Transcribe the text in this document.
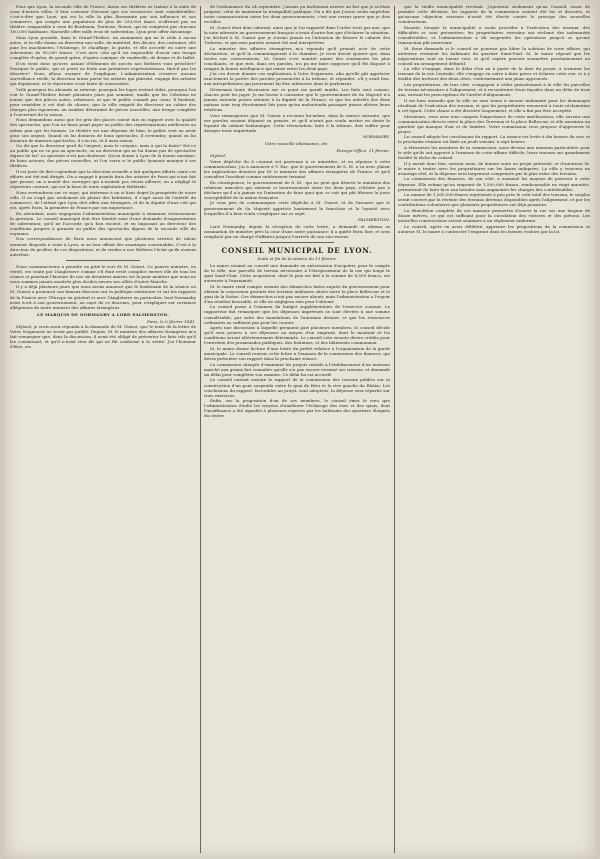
Pour que Lyon, la seconde ville de France, laisse ses théâtres se traîner à la suite de ceux d'autres villes, il faut convenir d'avouer que ses ressources sont considérables; c'est-à-dire que Lyon, qui est la ville la plus florissante par son influence et son commerce, qui compte une population de plus de 250,000 âmes, n'offrirait pas un théâtre comparable à ceux de Bordeaux, Toulouse, Rouen, qui ne comptent pas chacune 100,000 habitants. Marseille offre mille écus de subvention; Lyon peut offrir davantage.

Mais Lyon possède, dans le Grand-Théâtre, un monument qui ne le cède à aucun autre, et la ville donne au directeur une salle, du matériel, des décors, des costumes; elle paie les machinistes, l'éclairage, le chauffage, la garde, et elle accorde en outre une subvention de 90,000 francs. C'est avec cela qu'il est impossible d'avoir une troupe complète d'opéra, de grand opéra, d'opéra comique, de vaudeville, de drame et de ballet.

D'où vient donc qu'avec autant d'éléments de succès nos théâtres vont péricliter? Pourquoi le public, qui se porte en foule aux premières représentations, finit-il par les déserter? Nous allons essayer de l'expliquer. L'administration n'exerce aucune surveillance réelle; la direction laisse partir les artistes qui plaisent, engage des artistes qui déplaisent, et le répertoire s'use faute de nouveautés.

Voilà pourquoi les abonnés se retirent, pourquoi les loges restent vides, pourquoi l'on voit le Grand-Théâtre fermé plusieurs jours par semaine, tandis que les Célestins ne jouent que des pièces usées, rebattues, et que le public connaît par cœur. Il faudrait, pour remédier à cet état de choses, que la ville exigeât du directeur un cahier des charges plus rigoureux, un nombre déterminé de pièces nouvelles, une troupe complète à l'ouverture de la saison.

Nous demandons aussi que les prix des places soient mis en rapport avec la qualité des spectacles, que l'on ne fasse point payer au public des représentations médiocres au même prix que les bonnes. Le théâtre est une dépense de luxe; le public veut en avoir pour son argent. Quand on lui donnera de bons spectacles, il reviendra; quand on lui donnera de mauvais spectacles, il s'en ira, et il aura raison.

On dit que le directeur perd de l'argent; nous le croyons, mais à qui la faute? Est-ce au public qui ne va pas au spectacle, ou au directeur qui ne lui donne pas de spectacles dignes de lui? La question n'est pas douteuse. Qu'on donne à Lyon de la bonne musique, de bons acteurs, des pièces nouvelles, et l'on verra si le public lyonnais manque à ses théâtres.

Il est juste de dire cependant que la direction actuelle a fait quelques efforts; mais ces efforts ont été mal dirigés. On a engagé à grands frais des artistes de Paris qui n'ont fait que passer; on a monté des ouvrages qui n'avaient pas réussi ailleurs; on a négligé le répertoire courant, qui est la base de toute exploitation théâtrale.

Nous reviendrons sur ce sujet, qui intéresse à un si haut degré la prospérité de notre ville. Il ne s'agit pas seulement du plaisir des habitants; il s'agit aussi de l'intérêt du commerce, de l'attrait que Lyon doit offrir aux étrangers, et de la dignité d'une cité qui est, après Paris, la première de France par son importance.

En attendant, nous engageons l'administration municipale à examiner sérieusement la question. Le conseil municipal doit être bientôt saisi d'une demande d'augmentation de subvention; qu'il ne l'accorde qu'à bon escient, et en imposant au directeur des conditions propres à garantir au public des spectacles dignes de la seconde ville du royaume.

Nos correspondances de Paris nous annoncent que plusieurs artistes de talent seraient disposés à venir à Lyon, si on leur offrait des avantages convenables. C'est à la direction de profiter de ces dispositions, et de rendre à nos théâtres l'éclat qu'ils avaient autrefois.

Nous commencerons à prendre en pitié le sort de M. Guizot. Ce pauvre ministre, en vérité, est traité par l'Angleterre comme s'il était resté complice envers elle de tous les crimes et pourtant l'histoire de nos six dernières années est là pour montrer que nous ne nous sommes jamais montrés plus dociles envers nos alliés d'outre-Manche.

Il y a déjà plusieurs jours que nous avons annoncé que le lendemain de la séance où M. Guizot a prononcé son fameux discours sur la politique extérieure et sur les rapports de la France avec l'Europe en général et avec l'Angleterre en particulier, lord Normanby avait écrit à son gouvernement, au sujet de ce discours, pour s'expliquer sur certaines allégations de notre ministre des affaires étrangères.

LE MARQUIS DE NORMANBY A LORD PALMERSTON.
Paris, le 6 février 1841.

Mylord, je crois avoir répondu à la demande de M. Guizot, que le texte de la lettre de Votre Seigneurie ne serait pas publié. Depuis, M. le ministre des affaires étrangères m'a fait remarquer que, dans la discussion, il avait été obligé de présenter les faits tels qu'il les connaissait, et qu'il n'avait rien dit qui ne fût conforme à la vérité. J'ai l'honneur d'être, etc.

de l'ordonnance du 24 septembre, j'aurais pu facilement arriver au but que je m'étais proposé, celui de maintenir la tranquillité publique. On a dit que j'avais voulu empêcher toute communication entre les deux gouvernements; c'est une erreur grave que je dois rectifier.

M. Guizot était donc informé, ainsi que je l'ai rapporté dans l'ordre écrit par moi, que la note adressée au gouvernement français n'avait d'autre but que d'éclairer la situation. J'ai déclaré à M. Guizot que je n'avais jamais eu l'intention de blesser le cabinet des Tuileries, et que mes paroles avaient été mal interprétées.

Le ministre des affaires étrangères m'a répondu qu'il prenait acte de cette déclaration, et qu'il la communiquerait à la chambre. Je crois devoir ajouter que, dans toutes nos conversations, M. Guizot s'est montré animé des sentiments les plus conciliants, et que rien, dans ses paroles, n'a pu me faire supposer qu'il fût disposé à rompre la bonne intelligence qui existe entre les deux pays.

J'ai cru devoir donner ces explications à Votre Seigneurie, afin qu'elle pût apprécier exactement la portée des paroles prononcées à la tribune, et répondre, s'il y avait lieu, aux interpellations qui pourraient lui être adressées dans le parlement.

Désormais toute discussion sur ce point me paraît inutile. Les faits sont connus; chacun peut les juger. Je me borne à constater que le gouvernement de Sa Majesté n'a jamais entendu porter atteinte à la dignité de la France, et que les intérêts des deux nations sont trop étroitement liés pour qu'un malentendu passager puisse altérer leurs relations.

Vous remarquerez que M. Guizot a reconnu lui-même, dans la séance suivante, que ses paroles avaient dépassé sa pensée, et qu'il n'avait pas voulu mettre en doute la loyauté du cabinet britannique. Cette rétractation, faite à la tribune, doit suffire pour dissiper toute inquiétude.

NORMANBY.
Votre nouvelle obéissance, etc.
Foreign-Office, 11 février.

Mylord,

Votre dépêche du 6 courant est parvenue à ce ministère, et en réponse à cette communication, j'ai à annoncer à V. Exc. que le gouvernement de S. M. a vu avec plaisir les explications données par M. le ministre des affaires étrangères de France, et qu'il considère l'incident comme entièrement terminé.

En conséquence, le gouvernement de S. M., qui ne peut que désirer le maintien des relations amicales qui existent si heureusement entre les deux pays, n'hésite pas à déclarer qu'il n'a jamais eu l'intention de faire quoi que ce soit qui pût blesser la juste susceptibilité de la nation française.

Je vous prie de communiquer cette dépêche à M. Guizot, et de l'assurer que le gouvernement de Sa Majesté apprécie hautement la franchise et la loyauté avec lesquelles il a bien voulu s'expliquer sur ce sujet.

PALMERSTON.

Lord Normanby, depuis la réception de cette lettre, a demandé et obtenu sa nomination de ministre près la cour d'une autre puissance; il a quitté Paris hier, et sera remplacé par un chargé d'affaires jusqu'à l'arrivée de son successeur.

CONSEIL MUNICIPAL DE LYON.
Suite et fin de la séance du 11 février.

Le maire soumet au conseil une demande en autorisation d'acquérir, pour le compte de la ville, une parcelle de terrain nécessaire à l'élargissement de la rue qui longe le quai Saint-Clair. Cette acquisition, dont le prix est fixé à la somme de 8,500 francs, est autorisée à l'unanimité.

M. le maire rend compte ensuite des démarches faites auprès du gouvernement pour obtenir la concession gratuite des terrains militaires situés entre la place Bellecour et le quai de la Saône. Ces démarches n'ont pas encore abouti; mais l'administration a l'espoir d'un résultat favorable, et elle ne négligera rien pour l'obtenir.

Le conseil passe à l'examen du budget supplémentaire de l'exercice courant. Le rapporteur fait remarquer que les dépenses imprévues se sont élevées à une somme considérable, par suite des inondations de l'automne dernier, et que les ressources ordinaires ne suffisent pas pour les couvrir.

Après une discussion à laquelle prennent part plusieurs membres, le conseil décide qu'il sera pourvu à ces dépenses au moyen d'un emprunt, dont le montant et les conditions seront ultérieurement déterminés. Le conseil vote ensuite divers crédits pour l'entretien des promenades publiques, des fontaines, et des bâtiments communaux.

M. le maire donne lecture d'une lettre du préfet relative à l'organisation de la garde municipale. Le conseil renvoie cette lettre à l'examen de la commission des finances, qui devra présenter son rapport dans la prochaine séance.

La commission chargée d'examiner les projets relatifs à l'établissement d'un nouveau marché aux grains fait connaître qu'elle n'a pas encore terminé ses travaux, et demande un délai pour compléter son examen. Ce délai lui est accordé.

Le conseil entend ensuite le rapport de la commission des travaux publics sur la construction d'un pont suspendu entre le quai de Retz et la rive gauche du Rhône. Les conclusions du rapport, favorables au projet, sont adoptées; la dépense sera répartie sur trois exercices.

Enfin, sur la proposition d'un de ses membres, le conseil émet le vœu que l'administration étudie les moyens d'améliorer l'éclairage des rues et des quais, dont l'insuffisance a été signalée à plusieurs reprises par les habitants des quartiers éloignés du centre.

que la vieille municipalité revenait. J'ajouterai seulement qu'au Conseil, avant de prendre cette décision, les rapports de la commission avaient été lus et discutés, et qu'aucune objection sérieuse n'avait été élevée contre le principe des nouvelles constructions.

Ensuite, lorsque la municipalité a voulu procéder à l'exécution des travaux, des difficultés se sont présentées; les propriétaires riverains ont réclamé des indemnités considérables, et l'administration a dû suspendre les opérations jusqu'à ce qu'une transaction pût intervenir.

M. Roux demande si le conseil ne pourrait pas hâter la solution de cette affaire, qui intéresse vivement les habitants du quartier Saint-Paul. M. le maire répond que les négociations sont en bonne voie, et qu'il espère pouvoir soumettre prochainement au conseil un arrangement définitif.

La ville s'engage, dans le délai d'un an à partir de la date du projet, à terminer les travaux de la rue Centrale; elle s'engage en outre à faire paver et éclairer cette rue, et à y établir des trottoirs des deux côtés, conformément aux plans approuvés.

Les propriétaires, de leur côté, s'engagent à céder gratuitement à la ville les parcelles de terrain nécessaires à l'alignement, et à reconstruire leurs façades dans un délai de trois ans, suivant les prescriptions de l'arrêté d'alignement.

Il est bien entendu que la ville ne sera tenue à aucune indemnité pour les dommages résultant de l'exécution des travaux, et que les propriétaires renoncent à toute réclamation à cet égard. Cette clause a été discutée longuement, et elle a fini par être acceptée.

Messieurs, vous avez tous compris l'importance de cette amélioration; elle ouvrira une communication directe entre la place des Terreaux et la place Bellecour, et elle assainira un quartier qui manque d'air et de lumière. Votre commission vous propose d'approuver le projet.

Le conseil adopte les conclusions du rapport. La séance est levée à dix heures du soir, et la prochaine réunion est fixée au jeudi suivant, à sept heures.

A Messieurs les membres de la commission, nous devons une mention particulière pour le zèle qu'ils ont apporté à l'examen de cette affaire difficile; leurs travaux ont grandement facilité la tâche du conseil.

Il y aurait donc lieu, suivant nous, de donner suite au projet présenté, et d'autoriser M. le maire à traiter avec les propriétaires sur les bases indiquées. La ville y trouvera un avantage réel, et la dépense sera largement compensée par la plus-value des terrains.

La commission des finances, de son côté, a examiné les moyens de pourvoir à cette dépense. Elle estime qu'un emprunt de 1,500,000 francs, remboursable en vingt annuités, permettrait de faire face aux besoins sans augmenter les charges des contribuables.

La somme de 1,500,000 francs représente à peu près le coût total des travaux; le surplus serait couvert par la revente des terrains devenus disponibles après l'alignement, et par les contributions volontaires que plusieurs propriétaires ont déjà promises.

La démolition complète de ces maisons permettra d'ouvrir la rue sur une largeur de douze mètres, ce qui est suffisant pour la circulation des voitures et des piétons. Les nouvelles constructions seront soumises à un règlement uniforme.

Le conseil, après en avoir délibéré, approuve les propositions de la commission et autorise M. le maire à contracter l'emprunt dans les formes voulues par la loi.
